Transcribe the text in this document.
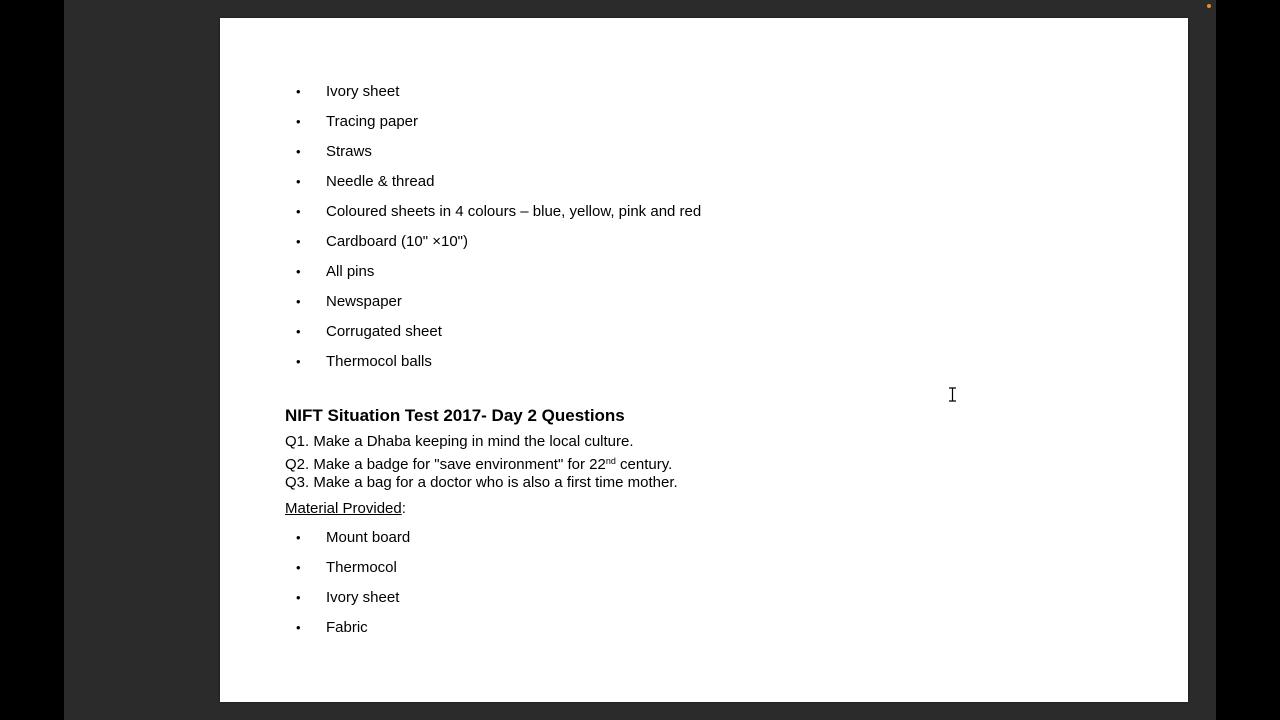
• Ivory sheet
• Tracing paper
• Straws
• Needle & thread
• Coloured sheets in 4 colours – blue, yellow, pink and red
• Cardboard (10" ×10")
• All pins
• Newspaper
• Corrugated sheet
• Thermocol balls
NIFT Situation Test 2017- Day 2 Questions
Q1. Make a Dhaba keeping in mind the local culture.
Q2. Make a badge for "save environment" for 22nd century.
Q3. Make a bag for a doctor who is also a first time mother.
Material Provided:
• Mount board
• Thermocol
• Ivory sheet
• Fabric
